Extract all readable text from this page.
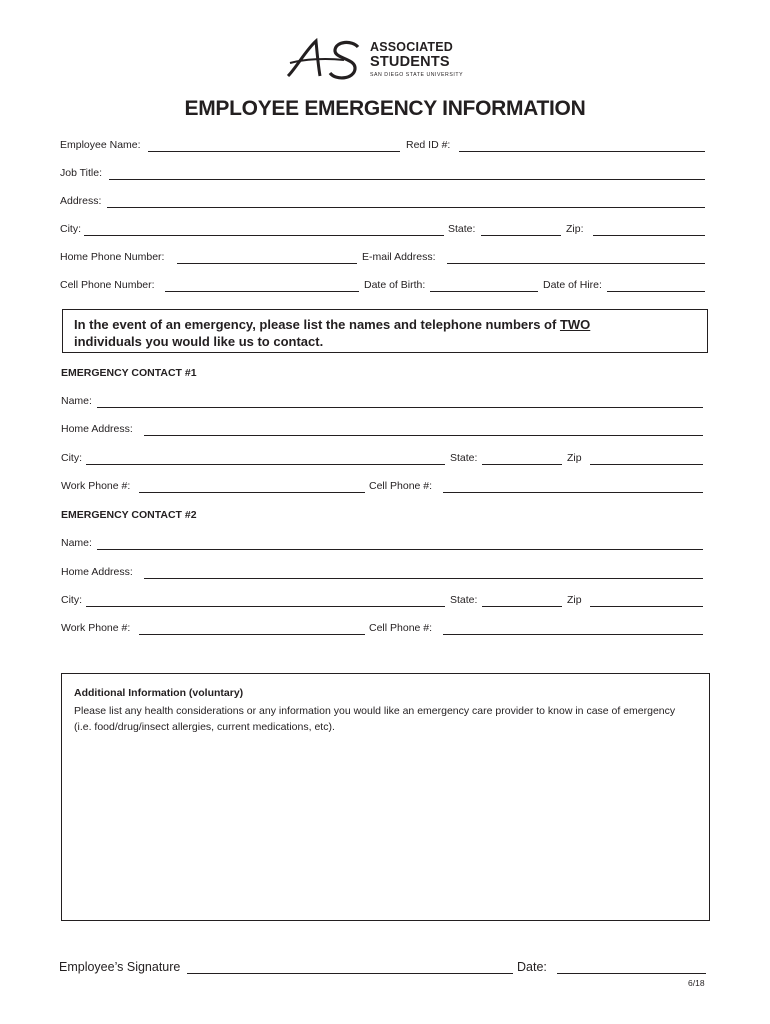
ASSOCIATED
STUDENTS
SAN DIEGO STATE UNIVERSITY
EMPLOYEE EMERGENCY INFORMATION
Employee Name:	Red ID #:
Job Title:
Address:
City:	State:	Zip:
Home Phone Number:	E-mail Address:
Cell Phone Number:	Date of Birth:	Date of Hire:
In the event of an emergency, please list the names and telephone numbers of TWO
individuals you would like us to contact.
EMERGENCY CONTACT #1
Name:
Home Address:
City:	State:	Zip
Work Phone #:	Cell Phone #:
EMERGENCY CONTACT #2
Name:
Home Address:
City:	State:	Zip
Work Phone #:	Cell Phone #:
Additional Information (voluntary)
Please list any health considerations or any information you would like an emergency care provider to know in case of emergency (i.e. food/drug/insect allergies, current medications, etc).
Employee’s Signature	Date:
6/18
